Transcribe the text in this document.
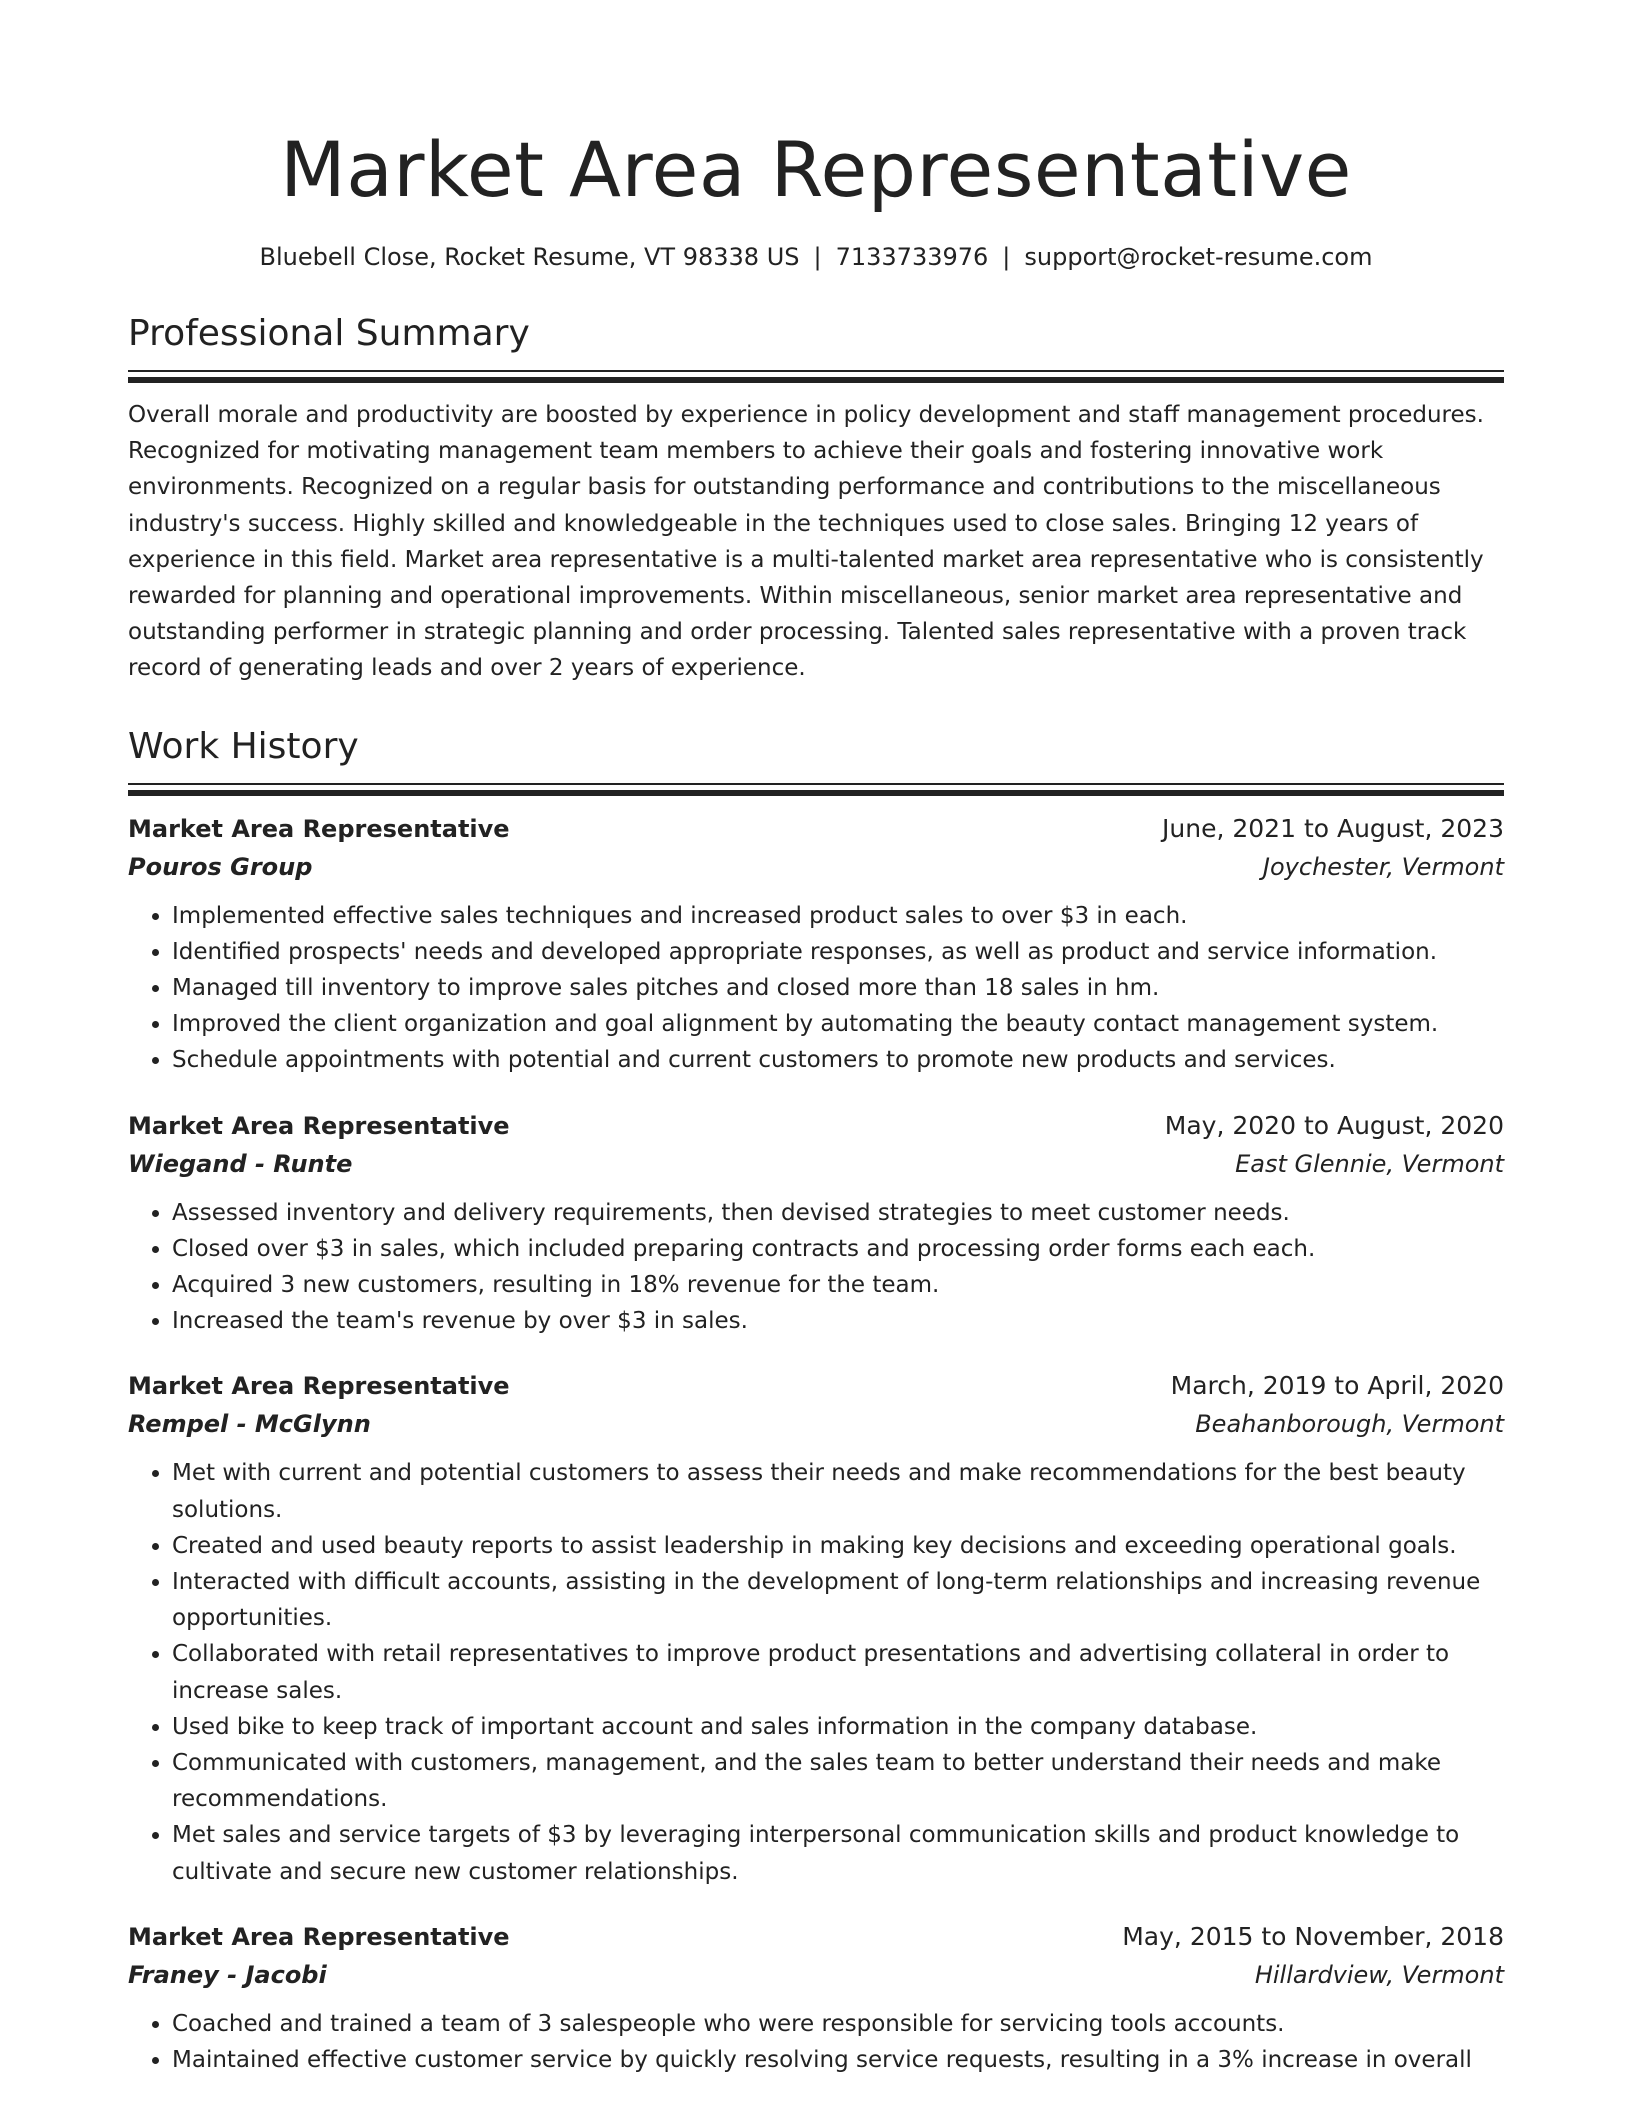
Market Area Representative
Bluebell Close, Rocket Resume, VT 98338 US | 7133733976 | support@rocket-resume.com
Professional Summary

Overall morale and productivity are boosted by experience in policy development and staff management procedures. Recognized for motivating management team members to achieve their goals and fostering innovative work environments. Recognized on a regular basis for outstanding performance and contributions to the miscellaneous industry's success. Highly skilled and knowledgeable in the techniques used to close sales. Bringing 12 years of experience in this field. Market area representative is a multi-talented market area representative who is consistently rewarded for planning and operational improvements. Within miscellaneous, senior market area representative and outstanding performer in strategic planning and order processing. Talented sales representative with a proven track record of generating leads and over 2 years of experience.

Work History
Market Area Representative	June, 2021 to August, 2023
Pouros Group	Joychester, Vermont
• Implemented effective sales techniques and increased product sales to over $3 in each.
• Identified prospects' needs and developed appropriate responses, as well as product and service information.
• Managed till inventory to improve sales pitches and closed more than 18 sales in hm.
• Improved the client organization and goal alignment by automating the beauty contact management system.
• Schedule appointments with potential and current customers to promote new products and services.
Market Area Representative	May, 2020 to August, 2020
Wiegand - Runte	East Glennie, Vermont
• Assessed inventory and delivery requirements, then devised strategies to meet customer needs.
• Closed over $3 in sales, which included preparing contracts and processing order forms each each.
• Acquired 3 new customers, resulting in 18% revenue for the team.
• Increased the team's revenue by over $3 in sales.
Market Area Representative	March, 2019 to April, 2020
Rempel - McGlynn	Beahanborough, Vermont
• Met with current and potential customers to assess their needs and make recommendations for the best beauty solutions.
• Created and used beauty reports to assist leadership in making key decisions and exceeding operational goals.
• Interacted with difficult accounts, assisting in the development of long-term relationships and increasing revenue opportunities.
• Collaborated with retail representatives to improve product presentations and advertising collateral in order to increase sales.
• Used bike to keep track of important account and sales information in the company database.
• Communicated with customers, management, and the sales team to better understand their needs and make recommendations.
• Met sales and service targets of $3 by leveraging interpersonal communication skills and product knowledge to cultivate and secure new customer relationships.
Market Area Representative	May, 2015 to November, 2018
Franey - Jacobi	Hillardview, Vermont
• Coached and trained a team of 3 salespeople who were responsible for servicing tools accounts.
• Maintained effective customer service by quickly resolving service requests, resulting in a 3% increase in overall
